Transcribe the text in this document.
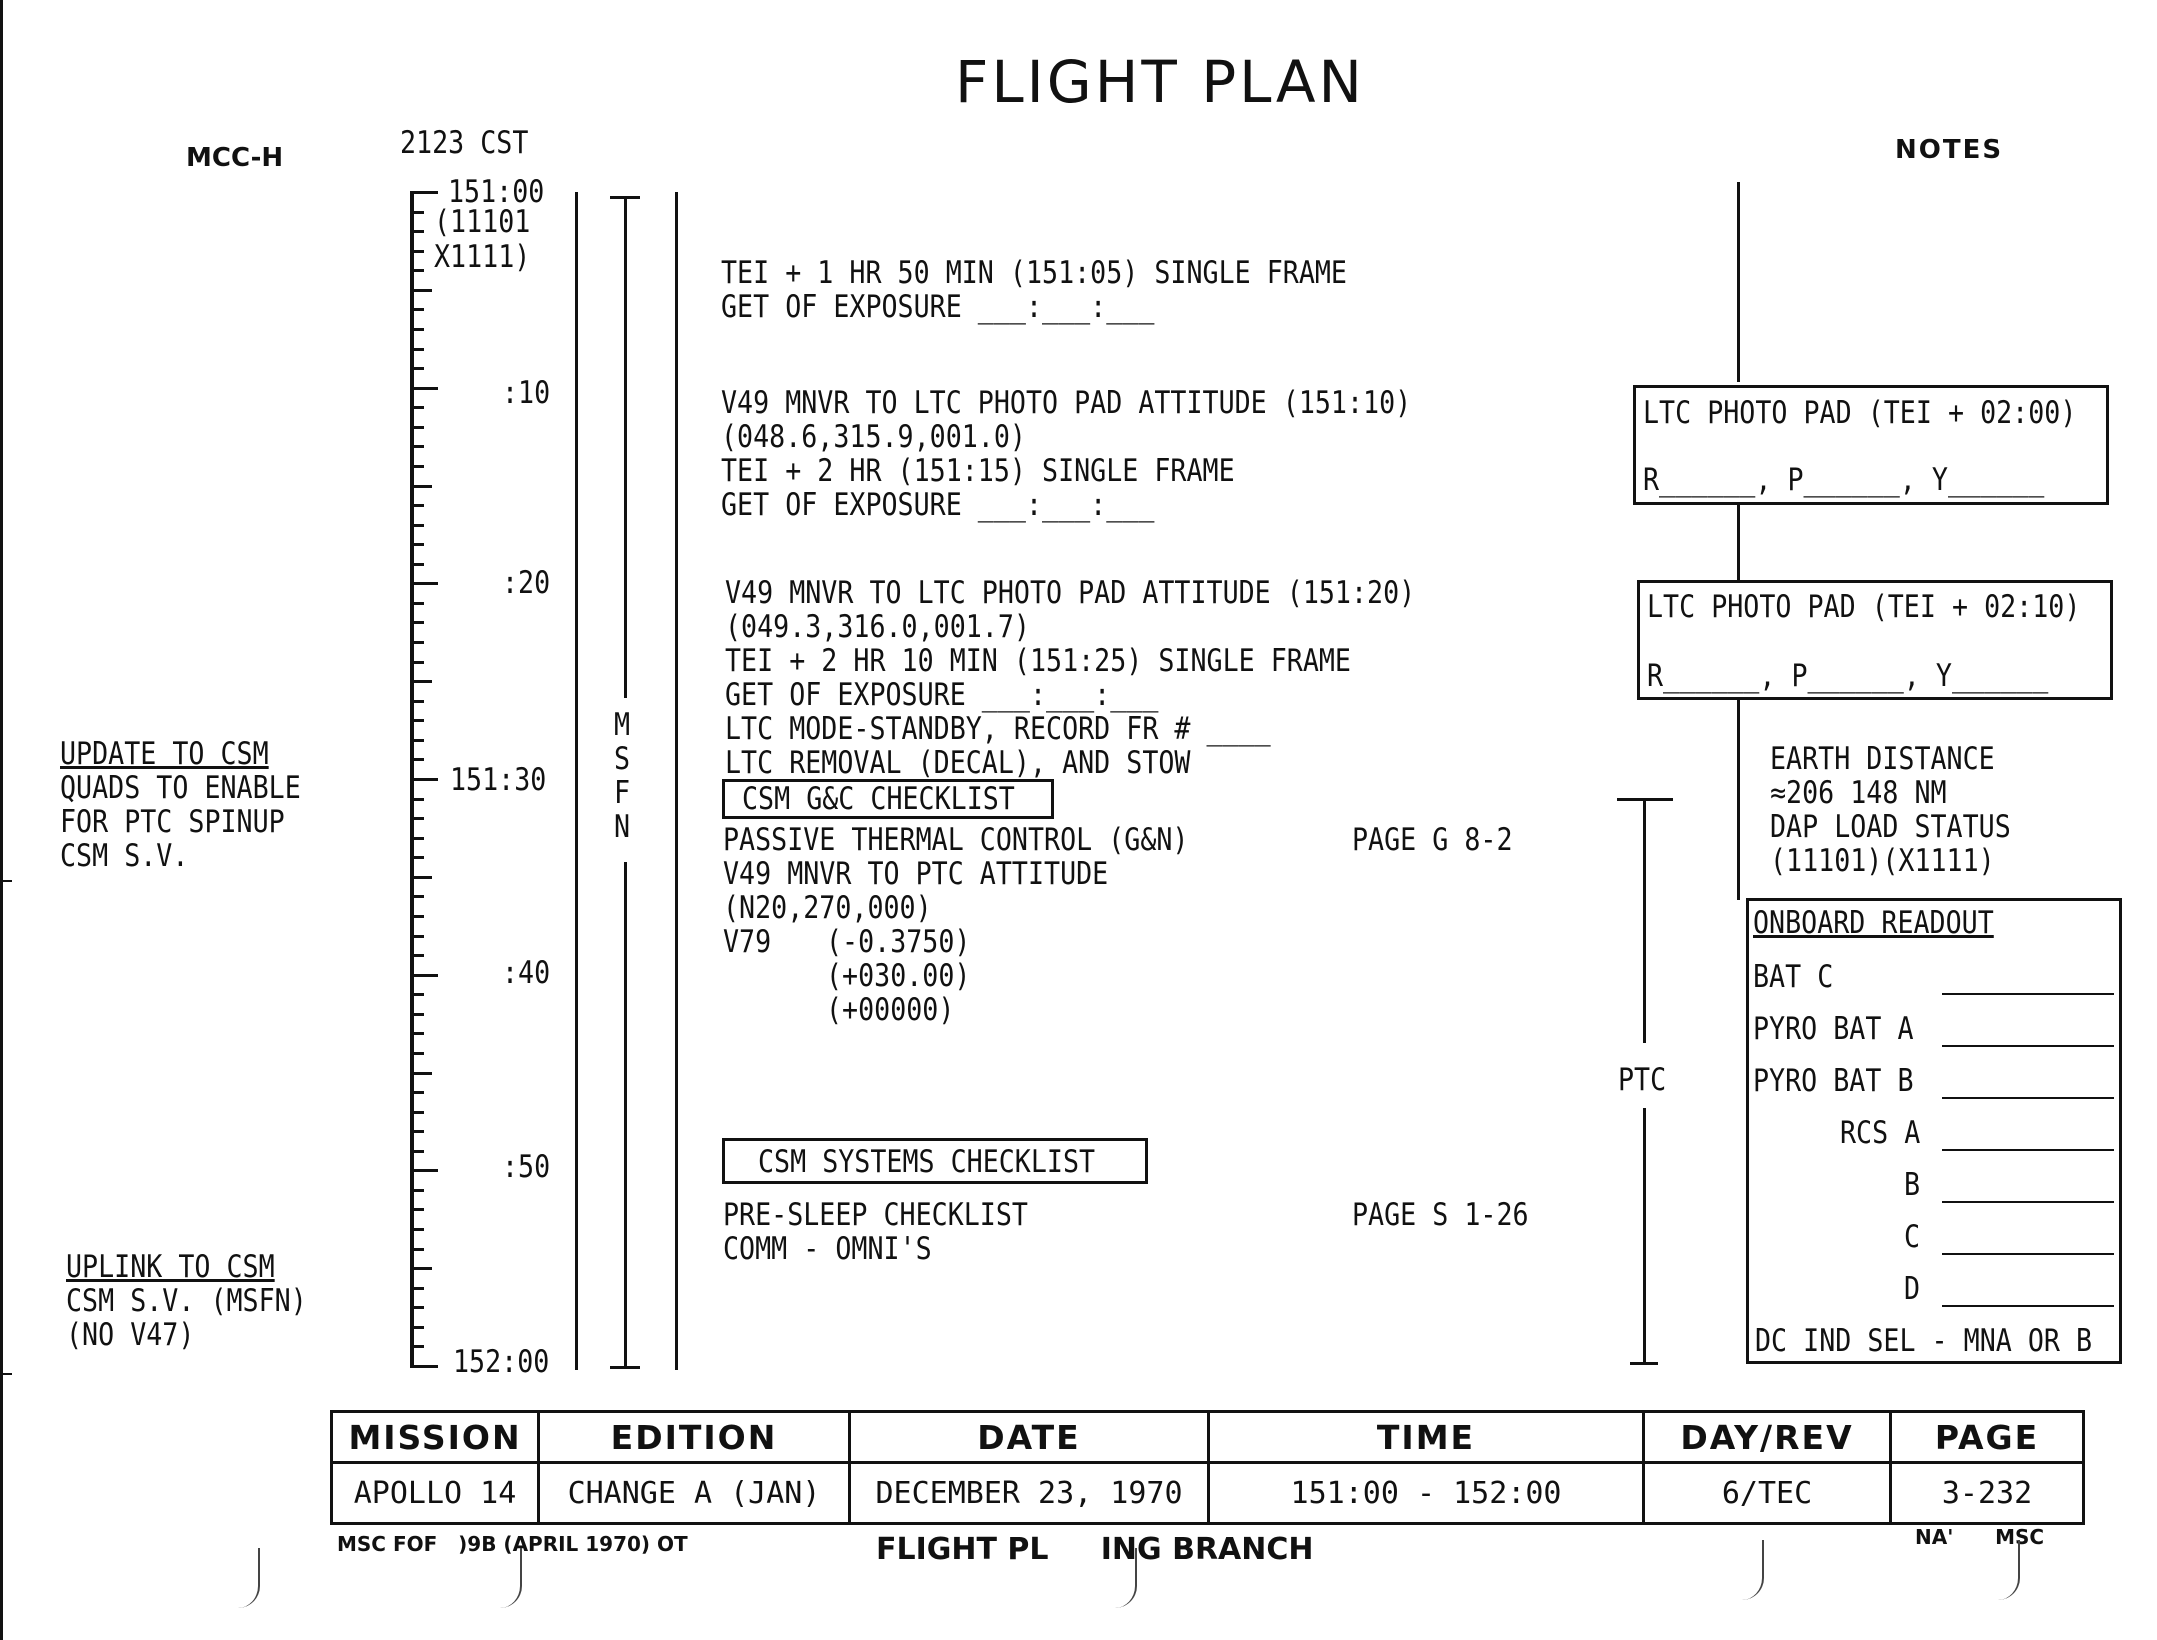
FLIGHT PLAN
MCC-H	2123 CST	NOTES
151:00
(11101
X1111)
:10
:20
151:30
:40
:50
152:00
M
S
F
N
UPDATE TO CSM
QUADS TO ENABLE
FOR PTC SPINUP
CSM S.V.
UPLINK TO CSM
CSM S.V. (MSFN)
(NO V47)
TEI + 1 HR 50 MIN (151:05) SINGLE FRAME
GET OF EXPOSURE ___:___:___
V49 MNVR TO LTC PHOTO PAD ATTITUDE (151:10)
(048.6,315.9,001.0)
TEI + 2 HR (151:15) SINGLE FRAME
GET OF EXPOSURE ___:___:___
V49 MNVR TO LTC PHOTO PAD ATTITUDE (151:20)
(049.3,316.0,001.7)
TEI + 2 HR 10 MIN (151:25) SINGLE FRAME
GET OF EXPOSURE ___:___:___
LTC MODE-STANDBY, RECORD FR # ____
LTC REMOVAL (DECAL), AND STOW
CSM G&C CHECKLIST
PASSIVE THERMAL CONTROL (G&N)	PAGE G 8-2
V49 MNVR TO PTC ATTITUDE
(N20,270,000)
V79 (-0.3750)
(+030.00)
(+00000)
CSM SYSTEMS CHECKLIST
PRE-SLEEP CHECKLIST	PAGE S 1-26
COMM - OMNI'S
PTC
LTC PHOTO PAD (TEI + 02:00)
R______, P______, Y______
LTC PHOTO PAD (TEI + 02:10)
R______, P______, Y______
EARTH DISTANCE
≈206 148 NM
DAP LOAD STATUS
(11101)(X1111)
ONBOARD READOUT
BAT C
PYRO BAT A
PYRO BAT B
RCS A
B
C
D
DC IND SEL - MNA OR B
MISSION	EDITION	DATE	TIME	DAY/REV	PAGE
APOLLO 14	CHANGE A (JAN)	DECEMBER 23, 1970	151:00 - 152:00	6/TEC	3-232
MSC FOF   )9B (APRIL 1970) OT	FLIGHT PL     ING BRANCH	NA'      MSC
